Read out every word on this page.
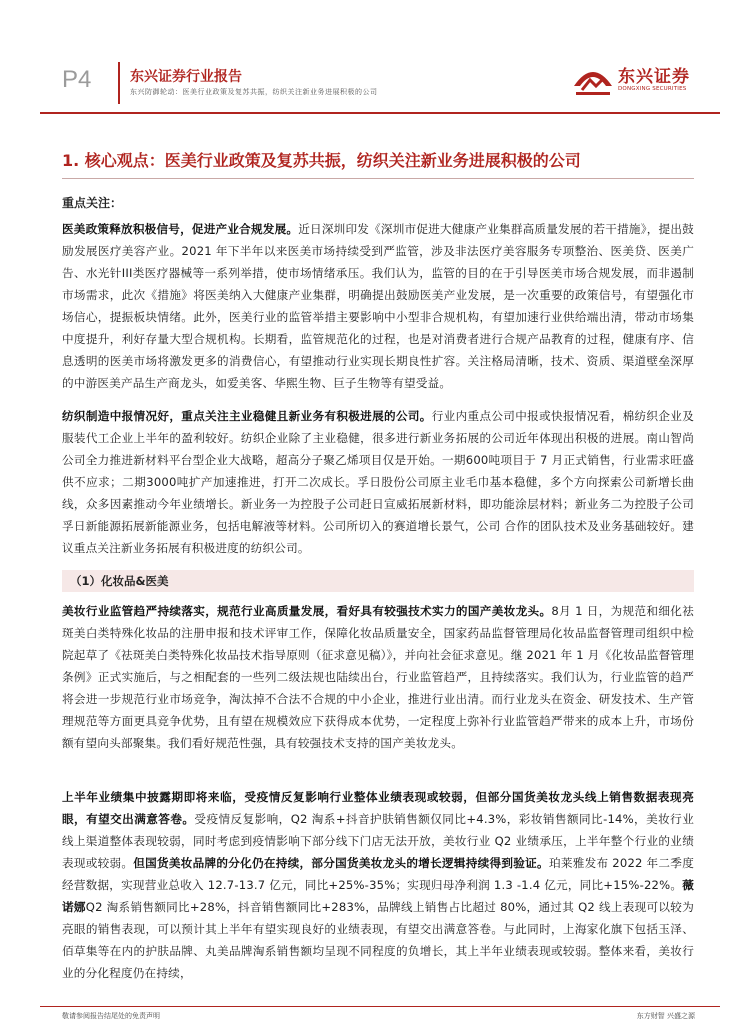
P4	东兴证券行业报告
东兴防御轮动：医美行业政策及复苏共振，纺织关注新业务进展积极的公司
东兴证券
DONGXING SECURITIES
1. 核心观点：医美行业政策及复苏共振，纺织关注新业务进展积极的公司
重点关注：
医美政策释放积极信号，促进产业合规发展。近日深圳印发《深圳市促进大健康产业集群高质量发展的若干措施》，提出鼓励发展医疗美容产业。2021 年下半年以来医美市场持续受到严监管，涉及非法医疗美容服务专项整治、医美贷、医美广告、水光针III类医疗器械等一系列举措，使市场情绪承压。我们认为，监管的目的在于引导医美市场合规发展，而非遏制市场需求，此次《措施》将医美纳入大健康产业集群，明确提出鼓励医美产业发展，是一次重要的政策信号，有望强化市场信心，提振板块情绪。此外，医美行业的监管举措主要影响中小型非合规机构，有望加速行业供给端出清，带动市场集中度提升，利好存量大型合规机构。长期看，监管规范化的过程，也是对消费者进行合规产品教育的过程，健康有序、信息透明的医美市场将激发更多的消费信心，有望推动行业实现长期良性扩容。关注格局清晰，技术、资质、渠道壁垒深厚的中游医美产品生产商龙头，如爱美客、华熙生物、巨子生物等有望受益。
纺织制造中报情况好，重点关注主业稳健且新业务有积极进展的公司。行业内重点公司中报或快报情况看，棉纺织企业及服装代工企业上半年的盈利较好。纺织企业除了主业稳健，很多进行新业务拓展的公司近年体现出积极的进展。南山智尚公司全力推进新材料平台型企业大战略，超高分子聚乙烯项目仅是开始。一期600吨项目于 7 月正式销售，行业需求旺盛供不应求；二期3000吨扩产加速推进，打开二次成长。孚日股份公司原主业毛巾基本稳健，多个方向探索公司新增长曲线，众多因素推动今年业绩增长。新业务一为控股子公司赶日宣威拓展新材料，即功能涂层材料；新业务二为控股子公司孚日新能源拓展新能源业务，包括电解液等材料。公司所切入的赛道增长景气，公司 合作的团队技术及业务基础较好。建议重点关注新业务拓展有积极进度的纺织公司。
（1）化妆品&医美
美妆行业监管趋严持续落实，规范行业高质量发展，看好具有较强技术实力的国产美妆龙头。8月 1 日，为规范和细化祛斑美白类特殊化妆品的注册申报和技术评审工作，保障化妆品质量安全，国家药品监督管理局化妆品监督管理司组织中检院起草了《祛斑美白类特殊化妆品技术指导原则（征求意见稿）》，并向社会征求意见。继 2021 年 1 月《化妆品监督管理条例》正式实施后，与之相配套的一些列二级法规也陆续出台，行业监管趋严，且持续落实。我们认为，行业监管的趋严将会进一步规范行业市场竞争，淘汰掉不合法不合规的中小企业，推进行业出清。而行业龙头在资金、研发技术、生产管理规范等方面更具竞争优势，且有望在规模效应下获得成本优势，一定程度上弥补行业监管趋严带来的成本上升，市场份额有望向头部聚集。我们看好规范性强，具有较强技术支持的国产美妆龙头。
上半年业绩集中披露期即将来临，受疫情反复影响行业整体业绩表现或较弱，但部分国货美妆龙头线上销售数据表现亮眼，有望交出满意答卷。受疫情反复影响，Q2 淘系+抖音护肤销售额仅同比+4.3%，彩妆销售额同比-14%，美妆行业线上渠道整体表现较弱，同时考虑到疫情影响下部分线下门店无法开放，美妆行业 Q2 业绩承压，上半年整个行业的业绩表现或较弱。但国货美妆品牌的分化仍在持续，部分国货美妆龙头的增长逻辑持续得到验证。珀莱雅发布 2022 年二季度经营数据，实现营业总收入 12.7-13.7 亿元，同比+25%-35%；实现归母净利润 1.3 -1.4 亿元，同比+15%-22%。薇诺娜Q2 淘系销售额同比+28%，抖音销售额同比+283%，品牌线上销售占比超过 80%，通过其 Q2 线上表现可以较为亮眼的销售表现，可以预计其上半年有望实现良好的业绩表现，有望交出满意答卷。与此同时，上海家化旗下包括玉泽、佰草集等在内的护肤品牌、丸美品牌淘系销售额均呈现不同程度的负增长，其上半年业绩表现或较弱。整体来看，美妆行业的分化程度仍在持续，
敬请参阅报告结尾处的免责声明	东方财智 兴盛之源
